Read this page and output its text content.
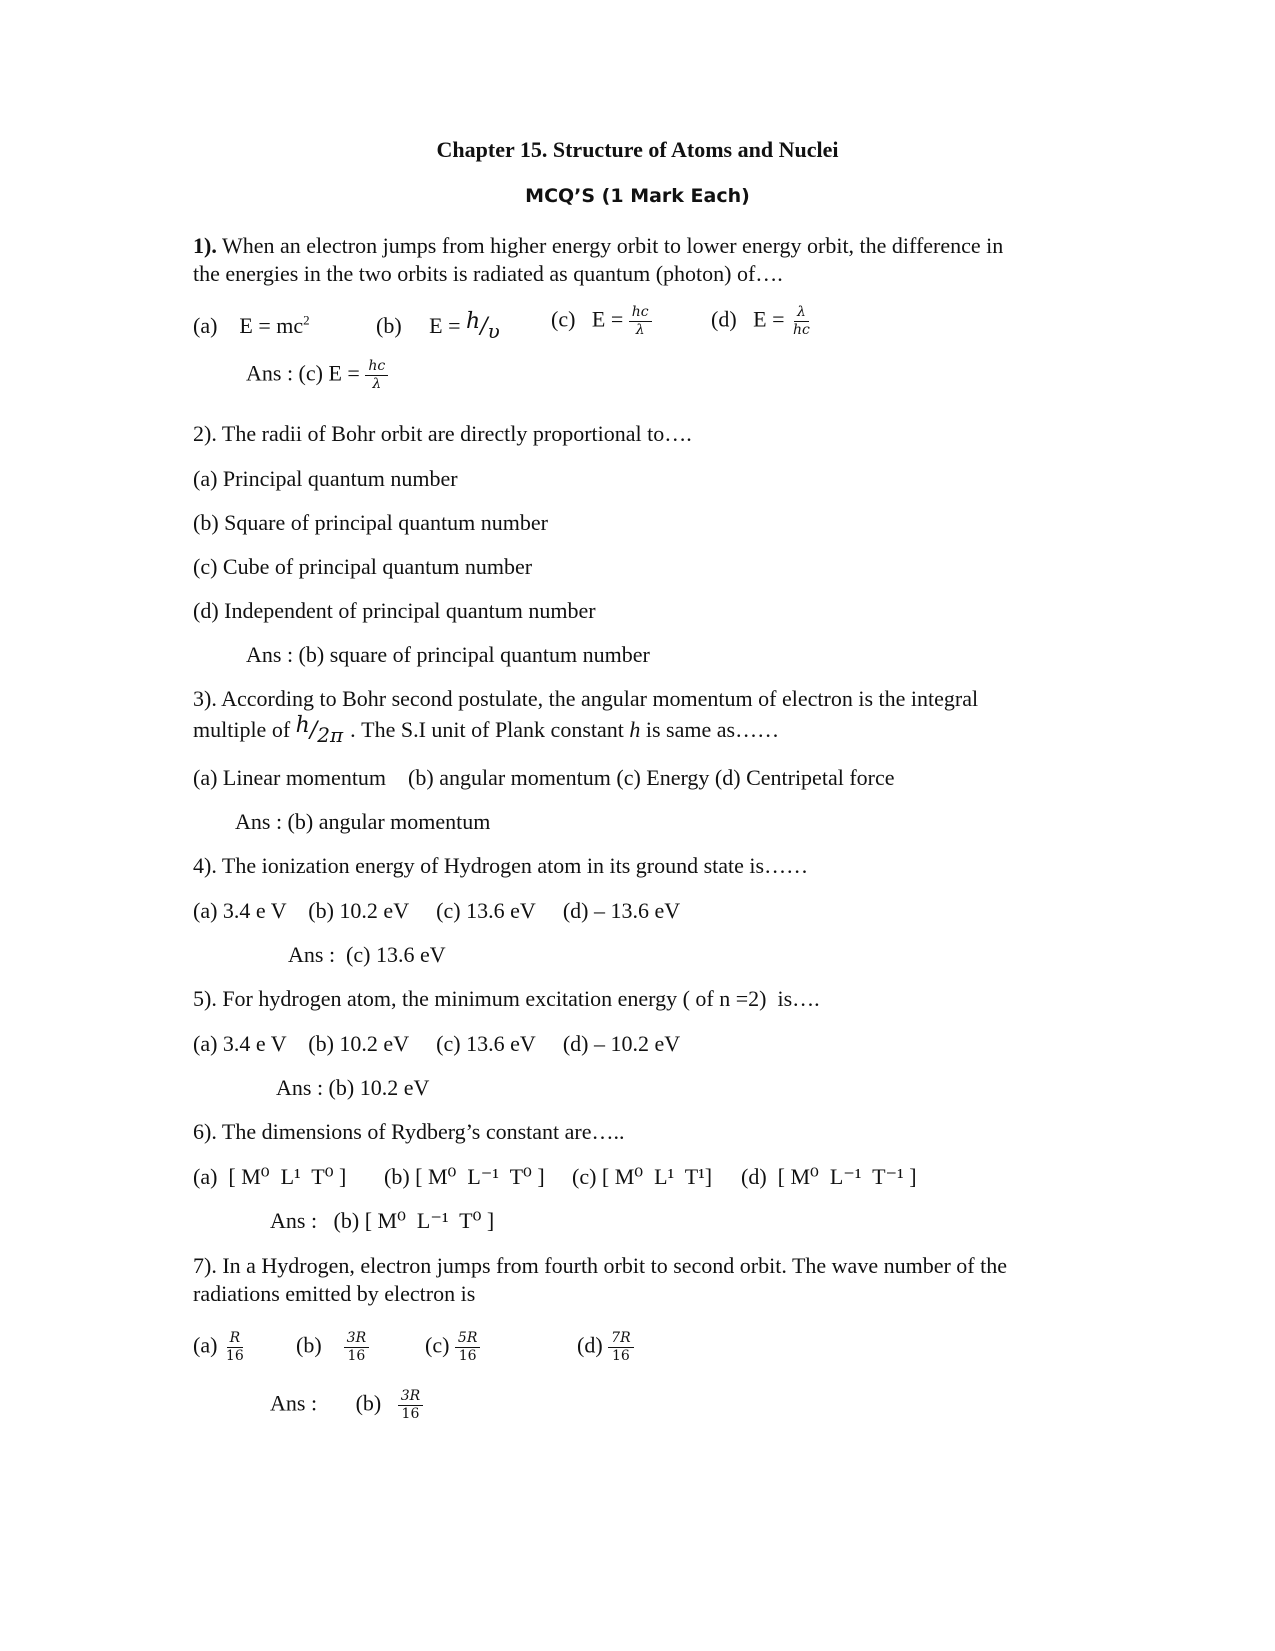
Chapter 15. Structure of Atoms and Nuclei
MCQ’S (1 Mark Each)
1). When an electron jumps from higher energy orbit to lower energy orbit, the difference in
the energies in the two orbits is radiated as quantum (photon) of….
(a) $E = mc^2$	(b) E = h/υ (c) $E = \frac{hc}{\lambda}$	(d) $E = \frac{\lambda}{hc}$
Ans : (c) $E = \frac{hc}{\lambda}$
2). The radii of Bohr orbit are directly proportional to….
(a) Principal quantum number
(b) Square of principal quantum number
(c) Cube of principal quantum number
(d) Independent of principal quantum number
Ans : (b) square of principal quantum number
3). According to Bohr second postulate, the angular momentum of electron is the integral
multiple of h/2π . The S.I unit of Plank constant h is same as……
(a) Linear momentum    (b) angular momentum (c) Energy (d) Centripetal force
Ans : (b) angular momentum
4). The ionization energy of Hydrogen atom in its ground state is……
(a) 3.4 e V    (b) 10.2 eV     (c) 13.6 eV     (d) – 13.6 eV
Ans :  (c) 13.6 eV
5). For hydrogen atom, the minimum excitation energy ( of n =2)  is….
(a) 3.4 e V    (b) 10.2 eV     (c) 13.6 eV     (d) – 10.2 eV
Ans : (b) 10.2 eV
6). The dimensions of Rydberg’s constant are…..
(a)  [ M⁰  L¹  T⁰ ] (b) [ M⁰  L⁻¹  T⁰ ] (c) [ M⁰  L¹  T¹] (d)  [ M⁰  L⁻¹  T⁻¹ ]
Ans :   (b) [ M⁰  L⁻¹  T⁰ ]
7). In a Hydrogen, electron jumps from fourth orbit to second orbit. The wave number of the
radiations emitted by electron is
$(a) \frac{R}{16} (b) \frac{3R}{16}$	$(c) \frac{5R}{16}$	$(d) \frac{7R}{16}$
Ans : $(b) \frac{3R}{16}$
